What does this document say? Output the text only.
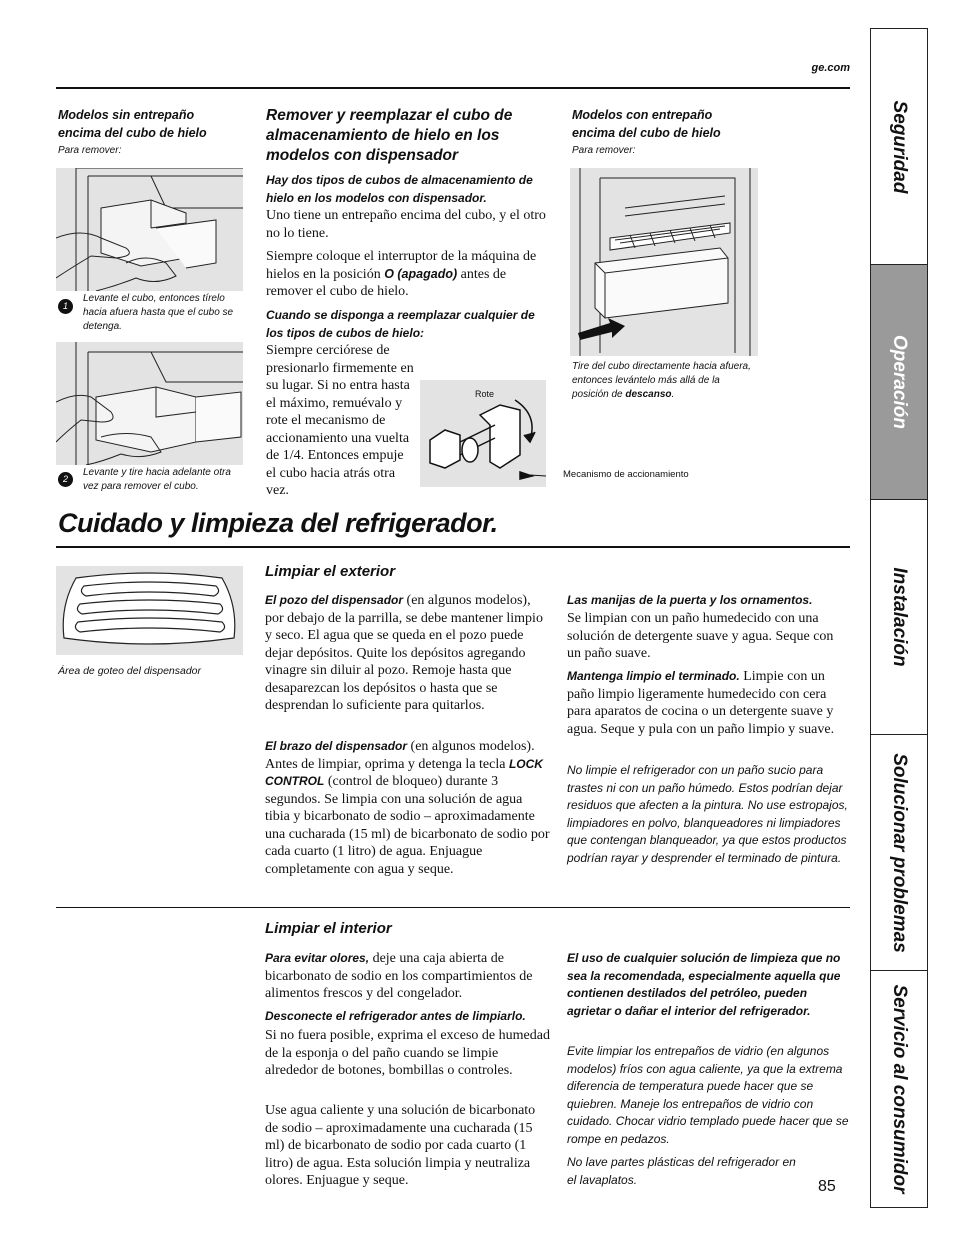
ge.com
Seguridad
Operación
Instalación
Solucionar problemas
Servicio al consumidor
Modelos sin entrepaño encima del cubo de hielo
Para remover:
1
Levante el cubo, entonces tírelo hacia afuera hasta que el cubo se detenga.
2
Levante y tire hacia adelante otra vez para remover el cubo.
Remover y reemplazar el cubo de almacenamiento de hielo en los modelos con dispensador
Hay dos tipos de cubos de almacenamiento de hielo en los modelos con dispensador.
Uno tiene un entrepaño encima del cubo, y el otro no lo tiene.
Siempre coloque el interruptor de la máquina de hielos en la posición O (apagado) antes de remover el cubo de hielo.
Cuando se disponga a reemplazar cualquier de los tipos de cubos de hielo:
Siempre cerciórese de presionarlo firmemente en su lugar. Si no entra hasta el máximo, remuévalo y rote el mecanismo de accionamiento una vuelta de 1/4. Entonces empuje el cubo hacia atrás otra vez.
Rote
Mecanismo de accionamiento
Modelos con entrepaño encima del cubo de hielo
Para remover:
Tire del cubo directamente hacia afuera, entonces levántelo más allá de la posición de descanso.
Cuidado y limpieza del refrigerador.
Área de goteo del dispensador
Limpiar el exterior
El pozo del dispensador (en algunos modelos), por debajo de la parrilla, se debe mantener limpio y seco. El agua que se queda en el pozo puede dejar depósitos. Quite los depósitos agregando vinagre sin diluir al pozo. Remoje hasta que desaparezcan los depósitos o hasta que se desprendan lo suficiente para quitarlos.
El brazo del dispensador (en algunos modelos). Antes de limpiar, oprima y detenga la tecla LOCK CONTROL (control de bloqueo) durante 3 segundos. Se limpia con una solución de agua tibia y bicarbonato de sodio – aproximadamente una cucharada (15 ml) de bicarbonato de sodio por cada cuarto (1 litro) de agua. Enjuague completamente con agua y seque.
Las manijas de la puerta y los ornamentos.
Se limpian con un paño humedecido con una solución de detergente suave y agua. Seque con un paño suave.
Mantenga limpio el terminado. Limpie con un paño limpio ligeramente humedecido con cera para aparatos de cocina o un detergente suave y agua. Seque y pula con un paño limpio y suave.
No limpie el refrigerador con un paño sucio para trastes ni con un paño húmedo. Estos podrían dejar residuos que afecten a la pintura. No use estropajos, limpiadores en polvo, blanqueadores ni limpiadores que contengan blanqueador, ya que estos productos podrían rayar y desprender el terminado de pintura.
Limpiar el interior
Para evitar olores, deje una caja abierta de bicarbonato de sodio en los compartimientos de alimentos frescos y del congelador.
Desconecte el refrigerador antes de limpiarlo.
Si no fuera posible, exprima el exceso de humedad de la esponja o del paño cuando se limpie alrededor de botones, bombillas o controles.
Use agua caliente y una solución de bicarbonato de sodio – aproximadamente una cucharada (15 ml) de bicarbonato de sodio por cada cuarto (1 litro) de agua. Esta solución limpia y neutraliza olores. Enjuague y seque.
El uso de cualquier solución de limpieza que no sea la recomendada, especialmente aquella que contienen destilados del petróleo, pueden agrietar o dañar el interior del refrigerador.
Evite limpiar los entrepaños de vidrio (en algunos modelos) fríos con agua caliente, ya que la extrema diferencia de temperatura puede hacer que se quiebren. Maneje los entrepaños de vidrio con cuidado. Chocar vidrio templado puede hacer que se rompe en pedazos.
No lave partes plásticas del refrigerador en el lavaplatos.	85
